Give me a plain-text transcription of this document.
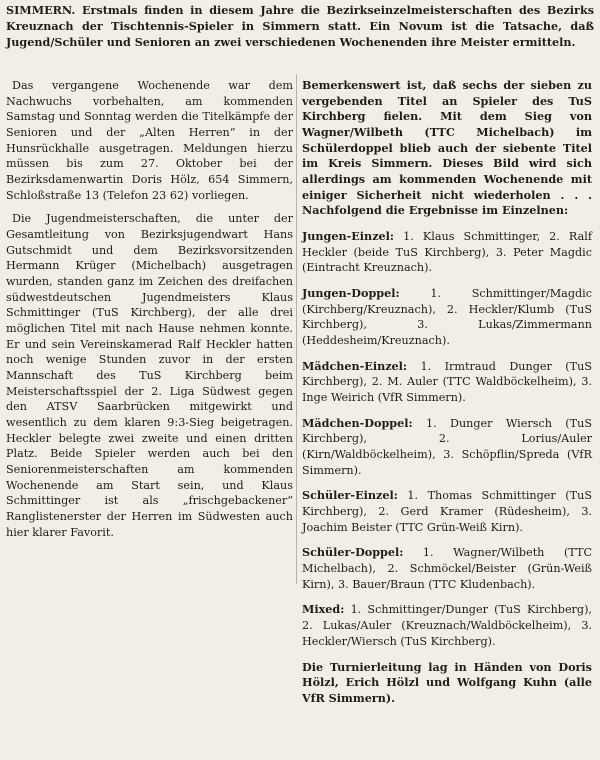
SIMMERN. Erstmals finden in diesem Jahre die Bezirkseinzelmeisterschaften des Bezirks Kreuznach der Tischtennis-Spieler in Simmern statt. Ein Novum ist die Tatsache, daß Jugend/Schüler und Senioren an zwei verschiedenen Wochenenden ihre Meister ermitteln.

Das vergangene Wochenende war dem Nachwuchs vorbehalten, am kommenden Samstag und Sonntag werden die Titelkämpfe der Senioren und der „Alten Herren“ in der Hunsrückhalle ausgetragen. Meldungen hierzu müssen bis zum 27. Oktober bei der Bezirksdamenwartin Doris Hölz, 654 Simmern, Schloßstraße 13 (Telefon 23 62) vorliegen.

Die Jugendmeisterschaften, die unter der Gesamtleitung von Bezirksjugendwart Hans Gutschmidt und dem Bezirksvorsitzenden Hermann Krüger (Michelbach) ausgetragen wurden, standen ganz im Zeichen des dreifachen südwestdeutschen Jugendmeisters Klaus Schmittinger (TuS Kirchberg), der alle drei möglichen Titel mit nach Hause nehmen konnte. Er und sein Vereinskamerad Ralf Heckler hatten noch wenige Stunden zuvor in der ersten Mannschaft des TuS Kirchberg beim Meisterschaftsspiel der 2. Liga Südwest gegen den ATSV Saarbrücken mitgewirkt und wesentlich zu dem klaren 9:3-Sieg beigetragen. Heckler belegte zwei zweite und einen dritten Platz. Beide Spieler werden auch bei den Seniorenmeisterschaften am kommenden Wochenende am Start sein, und Klaus Schmittinger ist als „frischgebackener“ Ranglistenerster der Herren im Südwesten auch hier klarer Favorit.

Bemerkenswert ist, daß sechs der sieben zu vergebenden Titel an Spieler des TuS Kirchberg fielen. Mit dem Sieg von Wagner/Wilbeth (TTC Michelbach) im Schülerdoppel blieb auch der siebente Titel im Kreis Simmern. Dieses Bild wird sich allerdings am kommenden Wochenende mit einiger Sicherheit nicht wiederholen . . . Nachfolgend die Ergebnisse im Einzelnen:

Jungen-Einzel: 1. Klaus Schmittinger, 2. Ralf Heckler (beide TuS Kirchberg), 3. Peter Magdic (Eintracht Kreuznach).

Jungen-Doppel: 1. Schmittinger/Magdic (Kirchberg/Kreuznach), 2. Heckler/Klumb (TuS Kirchberg), 3. Lukas/Zimmermann (Heddesheim/Kreuznach).

Mädchen-Einzel: 1. Irmtraud Dunger (TuS Kirchberg), 2. M. Auler (TTC Waldböckelheim), 3. Inge Weirich (VfR Simmern).

Mädchen-Doppel: 1. Dunger Wiersch (TuS Kirchberg), 2. Lorius/Auler (Kirn/Waldböckelheim), 3. Schöpflin/Spreda (VfR Simmern).

Schüler-Einzel: 1. Thomas Schmittinger (TuS Kirchberg), 2. Gerd Kramer (Rüdesheim), 3. Joachim Beister (TTC Grün-Weiß Kirn).

Schüler-Doppel: 1. Wagner/Wilbeth (TTC Michelbach), 2. Schmöckel/Beister (Grün-Weiß Kirn), 3. Bauer/Braun (TTC Kludenbach).

Mixed: 1. Schmittinger/Dunger (TuS Kirchberg), 2. Lukas/Auler (Kreuznach/Waldböckelheim), 3. Heckler/Wiersch (TuS Kirchberg).

Die Turnierleitung lag in Händen von Doris Hölzl, Erich Hölzl und Wolfgang Kuhn (alle VfR Simmern).
